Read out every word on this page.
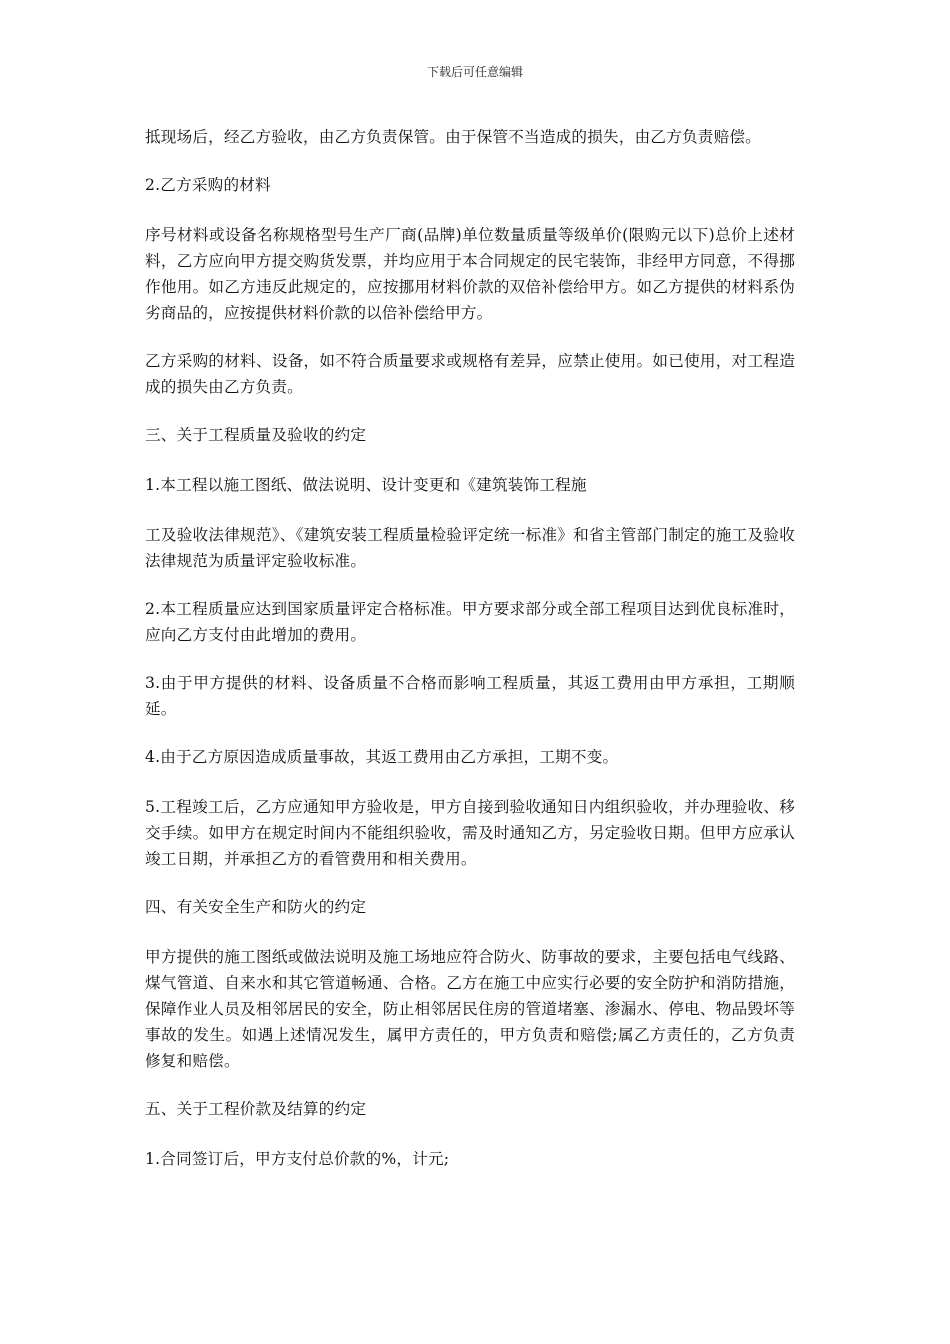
下载后可任意编辑

抵现场后，经乙方验收，由乙方负责保管。由于保管不当造成的损失，由乙方负责赔偿。

2.乙方采购的材料

序号材料或设备名称规格型号生产厂商(品牌)单位数量质量等级单价(限购元以下)总价上述材料，乙方应向甲方提交购货发票，并均应用于本合同规定的民宅装饰，非经甲方同意，不得挪作他用。如乙方违反此规定的，应按挪用材料价款的双倍补偿给甲方。如乙方提供的材料系伪劣商品的，应按提供材料价款的以倍补偿给甲方。

乙方采购的材料、设备，如不符合质量要求或规格有差异，应禁止使用。如已使用，对工程造成的损失由乙方负责。

三、关于工程质量及验收的约定

1.本工程以施工图纸、做法说明、设计变更和《建筑装饰工程施

工及验收法律规范》、《建筑安装工程质量检验评定统一标准》和省主管部门制定的施工及验收法律规范为质量评定验收标准。

2.本工程质量应达到国家质量评定合格标准。甲方要求部分或全部工程项目达到优良标准时，应向乙方支付由此增加的费用。

3.由于甲方提供的材料、设备质量不合格而影响工程质量，其返工费用由甲方承担，工期顺延。

4.由于乙方原因造成质量事故，其返工费用由乙方承担，工期不变。

5.工程竣工后，乙方应通知甲方验收是，甲方自接到验收通知日内组织验收，并办理验收、移交手续。如甲方在规定时间内不能组织验收，需及时通知乙方，另定验收日期。但甲方应承认竣工日期，并承担乙方的看管费用和相关费用。

四、有关安全生产和防火的约定

甲方提供的施工图纸或做法说明及施工场地应符合防火、防事故的要求，主要包括电气线路、煤气管道、自来水和其它管道畅通、合格。乙方在施工中应实行必要的安全防护和消防措施，保障作业人员及相邻居民的安全，防止相邻居民住房的管道堵塞、渗漏水、停电、物品毁坏等事故的发生。如遇上述情况发生，属甲方责任的，甲方负责和赔偿;属乙方责任的，乙方负责修复和赔偿。

五、关于工程价款及结算的约定

1.合同签订后，甲方支付总价款的%，计元;
